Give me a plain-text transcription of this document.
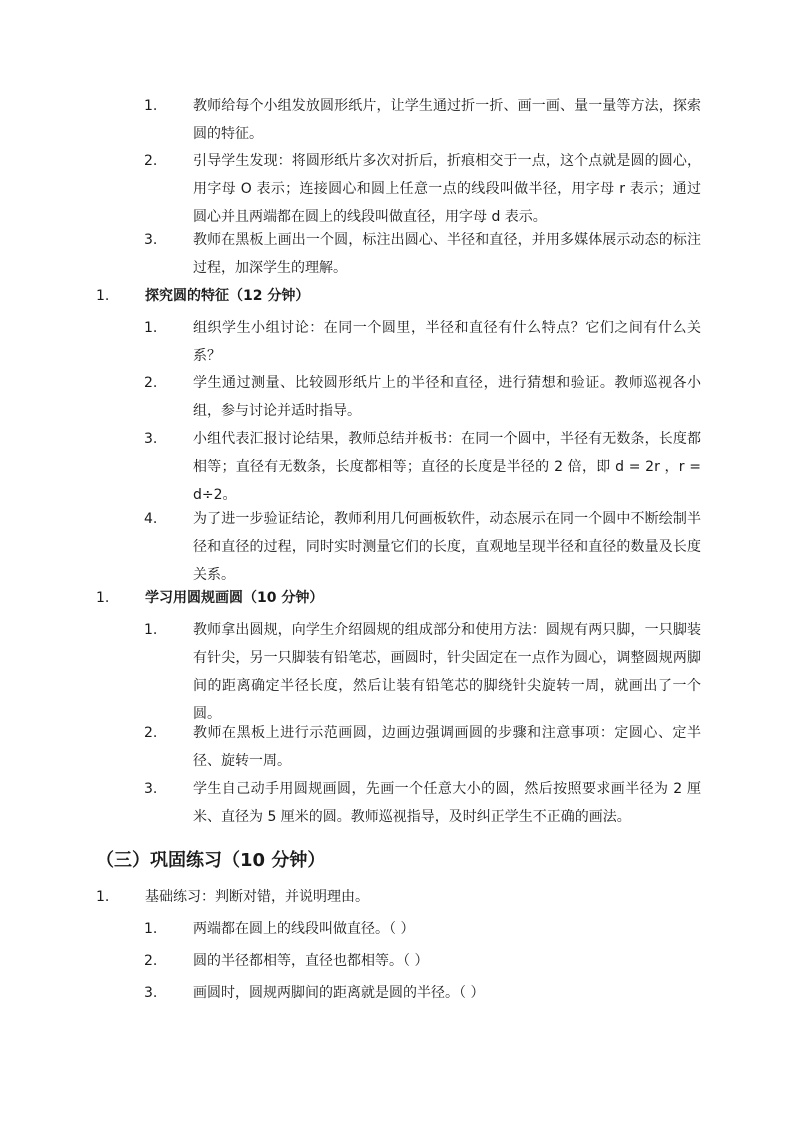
1.	教师给每个小组发放圆形纸片，让学生通过折一折、画一画、量一量等方法，探索圆的特征。
2.	引导学生发现：将圆形纸片多次对折后，折痕相交于一点，这个点就是圆的圆心，用字母 O 表示；连接圆心和圆上任意一点的线段叫做半径，用字母 r 表示；通过圆心并且两端都在圆上的线段叫做直径，用字母 d 表示。
3.	教师在黑板上画出一个圆，标注出圆心、半径和直径，并用多媒体展示动态的标注过程，加深学生的理解。
1.	探究圆的特征（12 分钟）
1.	组织学生小组讨论：在同一个圆里，半径和直径有什么特点？它们之间有什么关系？
2.	学生通过测量、比较圆形纸片上的半径和直径，进行猜想和验证。教师巡视各小组，参与讨论并适时指导。
3.	小组代表汇报讨论结果，教师总结并板书：在同一个圆中，半径有无数条，长度都相等；直径有无数条，长度都相等；直径的长度是半径的 2 倍，即 d = 2r ，r = d÷2。
4.	为了进一步验证结论，教师利用几何画板软件，动态展示在同一个圆中不断绘制半径和直径的过程，同时实时测量它们的长度，直观地呈现半径和直径的数量及长度关系。
1.	学习用圆规画圆（10 分钟）
1.	教师拿出圆规，向学生介绍圆规的组成部分和使用方法：圆规有两只脚，一只脚装有针尖，另一只脚装有铅笔芯，画圆时，针尖固定在一点作为圆心，调整圆规两脚间的距离确定半径长度，然后让装有铅笔芯的脚绕针尖旋转一周，就画出了一个圆。
2.	教师在黑板上进行示范画圆，边画边强调画圆的步骤和注意事项：定圆心、定半径、旋转一周。
3.	学生自己动手用圆规画圆，先画一个任意大小的圆，然后按照要求画半径为 2 厘米、直径为 5 厘米的圆。教师巡视指导，及时纠正学生不正确的画法。
（三）巩固练习（10 分钟）
1.	基础练习：判断对错，并说明理由。
1.	两端都在圆上的线段叫做直径。（ ）
2.	圆的半径都相等，直径也都相等。（ ）
3.	画圆时，圆规两脚间的距离就是圆的半径。（ ）
